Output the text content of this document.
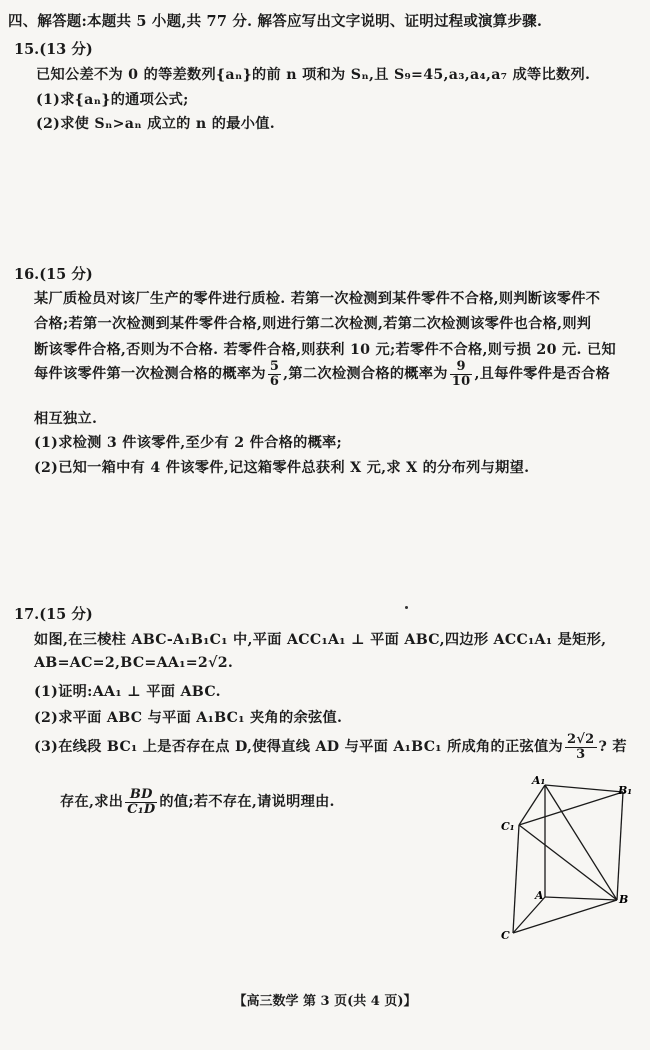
四、解答题:本题共 5 小题,共 77 分. 解答应写出文字说明、证明过程或演算步骤.
15.(13 分)
已知公差不为 0 的等差数列{aₙ}的前 n 项和为 Sₙ,且 S₉=45,a₃,a₄,a₇ 成等比数列.
(1)求{aₙ}的通项公式;
(2)求使 Sₙ>aₙ 成立的 n 的最小值.
16.(15 分)
某厂质检员对该厂生产的零件进行质检. 若第一次检测到某件零件不合格,则判断该零件不
合格;若第一次检测到某件零件合格,则进行第二次检测,若第二次检测该零件也合格,则判
断该零件合格,否则为不合格. 若零件合格,则获利 10 元;若零件不合格,则亏损 20 元. 已知
每件该零件第一次检测合格的概率为 $\frac{5}{6}$ ,第二次检测合格的概率为 $\frac{9}{10}$ ,且每件零件是否合格
相互独立.
(1)求检测 3 件该零件,至少有 2 件合格的概率;
(2)已知一箱中有 4 件该零件,记这箱零件总获利 X 元,求 X 的分布列与期望.
17.(15 分)
如图,在三棱柱 ABC-A₁B₁C₁ 中,平面 ACC₁A₁ ⊥ 平面 ABC,四边形 ACC₁A₁ 是矩形,
AB=AC=2,BC=AA₁=2√2.
(1)证明:AA₁ ⊥ 平面 ABC.
(2)求平面 ABC 与平面 A₁BC₁ 夹角的余弦值.
(3)在线段 BC₁ 上是否存在点 D,使得直线 AD 与平面 A₁BC₁ 所成角的正弦值为 $\frac{2√2}{3}$ ? 若
存在,求出 $\frac{BD}{\text{C₁D}}$ 的值;若不存在,请说明理由.
A₁
B₁
C₁
A	B
C
【高三数学 第 3 页(共 4 页)】
